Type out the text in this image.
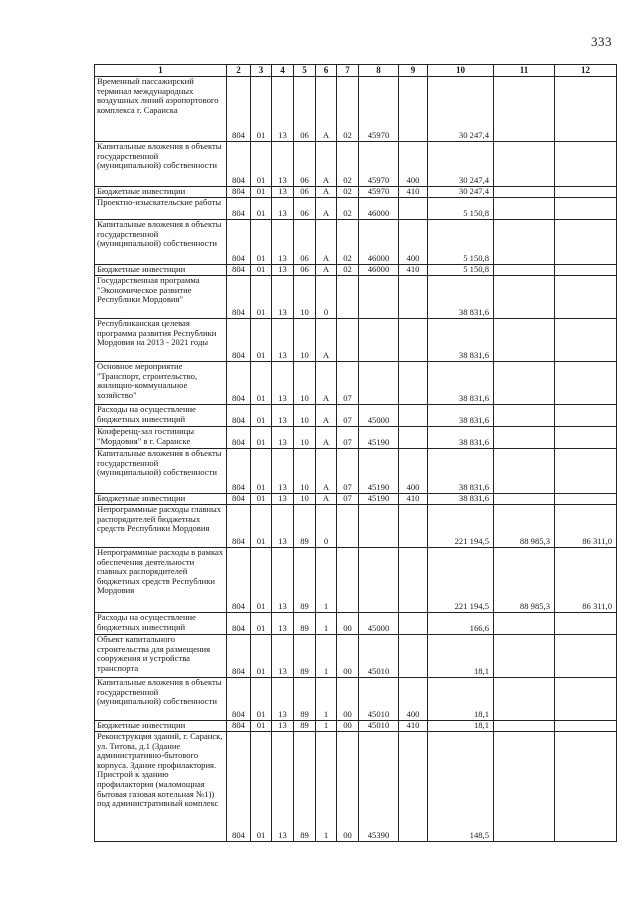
333
1	2	3	4	5	6	7	8	9	10	11	12
Временный пассажирский терминал международных воздушных линий аэропортового комплекса г. Саранска	804	01	13	06	А	02	45970		30 247,4		
Капитальные вложения в объекты государственной (муниципальной) собственности	804	01	13	06	А	02	45970	400	30 247,4		
Бюджетные инвестиции	804	01	13	06	А	02	45970	410	30 247,4		
Проектно-изыскательские работы	804	01	13	06	А	02	46000		5 150,8		
Капитальные вложения в объекты государственной (муниципальной) собственности	804	01	13	06	А	02	46000	400	5 150,8		
Бюджетные инвестиции	804	01	13	06	А	02	46000	410	5 150,8		
Государственная программа "Экономическое развитие Республики Мордовия"	804	01	13	10	0				38 831,6		
Республиканская целевая программа развития Республики Мордовия на 2013 - 2021 годы	804	01	13	10	А				38 831,6		
Основное мероприятие "Транспорт, строительство, жилищно-коммунальное хозяйство"	804	01	13	10	А	07			38 831,6		
Расходы на осуществление бюджетных инвестиций	804	01	13	10	А	07	45000		38 831,6		
Конференц-зал гостиницы "Мордовия" в г. Саранске	804	01	13	10	А	07	45190		38 831,6		
Капитальные вложения в объекты государственной (муниципальной) собственности	804	01	13	10	А	07	45190	400	38 831,6		
Бюджетные инвестиции	804	01	13	10	А	07	45190	410	38 831,6		
Непрограммные расходы главных распорядителей бюджетных средств Республики Мордовия	804	01	13	89	0				221 194,5	88 985,3	86 311,0
Непрограммные расходы в рамках обеспечения деятельности главных распорядителей бюджетных средств Республики Мордовия	804	01	13	89	1				221 194,5	88 985,3	86 311,0
Расходы на осуществление бюджетных инвестиций	804	01	13	89	1	00	45000		166,6		
Объект капитального строительства для размещения сооружения и устройства транспорта	804	01	13	89	1	00	45010		18,1		
Капитальные вложения в объекты государственной (муниципальной) собственности	804	01	13	89	1	00	45010	400	18,1		
Бюджетные инвестиции	804	01	13	89	1	00	45010	410	18,1		
Реконструкция зданий, г. Саранск, ул. Титова, д.1 (Здание административно-бытового корпуса. Здание профилактория. Пристрой к зданию профилактория (маломощная бытовая газовая котельная №1)) под административный комплекс	804	01	13	89	1	00	45390		148,5		
